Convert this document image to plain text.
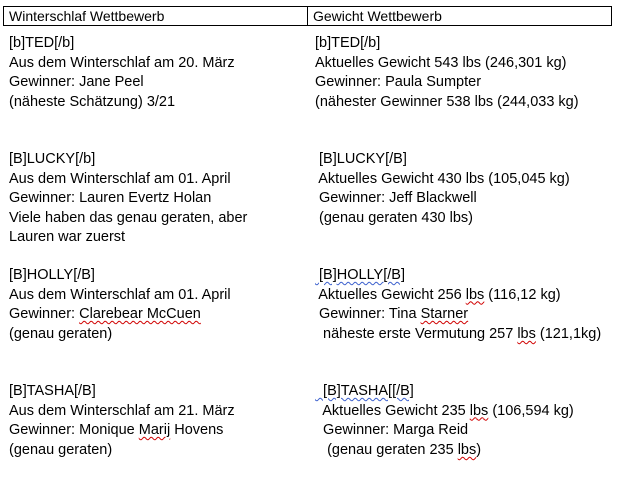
Winterschlaf Wettbewerb	Gewicht Wettbewerb
[b]TED[/b]
Aus dem Winterschlaf am 20. März
Gewinner: Jane Peel
(näheste Schätzung) 3/21
[B]LUCKY[/b]
Aus dem Winterschlaf am 01. April
Gewinner: Lauren Evertz Holan
Viele haben das genau geraten, aber
Lauren war zuerst
[B]HOLLY[/B]
Aus dem Winterschlaf am 01. April
Gewinner: Clarebear McCuen
(genau geraten)
[B]TASHA[/B]
Aus dem Winterschlaf am 21. März
Gewinner: Monique Marij Hovens
(genau geraten)
[b]TED[/b]
Aktuelles Gewicht 543 lbs (246,301 kg)
Gewinner: Paula Sumpter
(nähester Gewinner 538 lbs (244,033 kg)
[B]LUCKY[/B]
Aktuelles Gewicht 430 lbs (105,045 kg)
Gewinner: Jeff Blackwell
(genau geraten 430 lbs)
[B]HOLLY[/B]
Aktuelles Gewicht 256 lbs (116,12 kg)
Gewinner: Tina Starner
näheste erste Vermutung 257 lbs (121,1kg)
[B]TASHA[[/B]
Aktuelles Gewicht 235 lbs (106,594 kg)
Gewinner: Marga Reid
(genau geraten 235 lbs)
